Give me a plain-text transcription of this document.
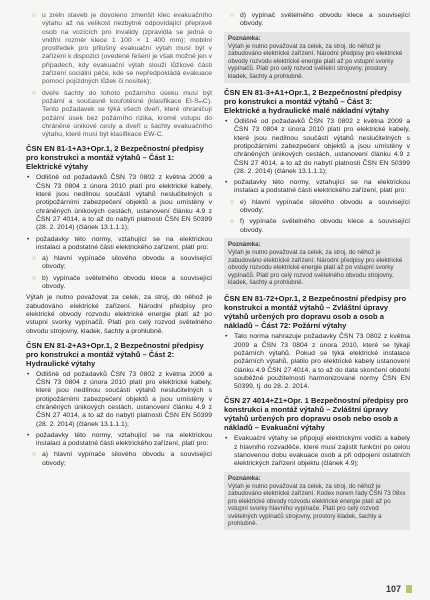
○ u zreln staveb je dovoleno zmenšit klec evakuačního výtahu až na velikost nezbytně odpovídající přepravě osob na vozících pro invalidy (zpravidla se jedná o vnitřní rozměr klece 1 100 × 1 400 mm); mobilní prostředek pro přilušný evakuační výtah musí být v zařízení k dispozici (uvedené řešení je však možné jen v případech, kdy evakuační výtah slouží lůžkové části zařízení sociální péče, kde se nepředpokládá evakuace pomocí pojízdných lůžek či nosítek);
○ dveře šachty do tohoto požárního úseku musí být požární a současně kouřotěsné (klasifikace EI-SₘC). Tento požadavek se týká všech dveří, které ohraničují požární úsek bez požárního rizika, kromě vstupu do chráněné únikové cesty a dveří u šachty evakuačního výtahu, které musí být klasifikace EW-C.
ČSN EN 81-1+A3+Opr.1, 2 Bezpečnostní předpisy pro konstrukci a montáž výtahů – Část 1: Elektrické výtahy
• Odlišně od požadavků ČSN 73 0802 z května 2009 a ČSN 73 0804 z února 2010 platí pro elektrické kabely, které jsou nedílnou součástí výtahů neslučitelných s protipožárními zabezpečení objektů a jsou umístěny v chráněných únikových cestách, ustanovení článku 4.9 z ČSN 27 4014, a to až do nabytí platnosti ČSN EN 50399 (28. 2. 2014) (článek 13.1.1.1);
• požadavky této normy, vztahující se na elektrickou instalaci a podstatné části elektrického zařízení, platí pro:
○ a) hlavní vypínače silového obvodu a související obvody;
○ b) vypínače světelného obvodu klece a související obvody.

Výtah je nutno považovat za celek, za stroj, do něhož je zabudováno elektrické zařízení. Národní předpisy pro elektrické obvody rozvodu elektrické energie platí až po vstupní svorky vypínačů. Platí pro celý rozvod světelného obvodu strojovny, kladek, šachty a prohlubně.

ČSN EN 81-2+A3+Opr.1, 2 Bezpečnostní předpisy pro konstrukci a montáž výtahů – Část 2: Hydraulické výtahy
• Odlišně od požadavků ČSN 73 0802 z května 2009 a ČSN 73 0804 z února 2010 platí pro elektrické kabely, které jsou nedílnou součástí výtahů neslučitelných s protipožárními zabezpečení objektů a jsou umístěny v chráněných únikových cestách, ustanovení článku 4.9 z ČSN 27 4014, a to až do nabytí platnosti ČSN EN 50399 (28. 2. 2014) (článek 13.1.1.1);
• požadavky této normy, vztahující se na elektrickou instalaci a podstatné části elektrického zařízení, platí pro:
○ a) hlavní vypínače silového obvodu a související obvody;
○ d) vypínač světelného obvodu klece a související obvody.
Poznámka:
Výtah je nutno považovat za celek, za stroj, do něhož je zabudováno elektrické zařízení. Národní předpisy pro elektrické obvody rozvodu elektrické energie platí až po vstupní svorky vypínačů. Platí pro celý rozvod světelní strojovny, prostory kladek, šachty a prohlubně.
ČSN EN 81-3+A1+Opr.1, 2 Bezpečnostní předpisy pro konstrukci a montáž výtahů – Část 3: Elektrické a hydraulické malé nákladní výtahy
• Odlišně od požadavků ČSN 73 0802 z května 2009 a ČSN 73 0804 z února 2010 platí pro elektrické kabely, které jsou nedílnou součástí výtahů neslučitelných s protipožárními zabezpečení objektů a jsou umístěny v chráněných únikových cestách, ustanovení článku 4.9 z ČSN 27 4014, a to až do nabytí platnosti ČSN EN 50399 (28. 2. 2014) (článek 13.1.1.1);
• požadavky této normy, vztahující se na elektrickou instalaci a podstatné části elektrického zařízení, platí pro:
○ e) hlavní vypínače silového obvodu a související obvody;
○ f) vypínače světelného obvodu klece a související obvody.
Poznámka:
Výtah je nutno považovat za celek, za stroj, do něhož je zabudováno elektrické zařízení. Národní předpisy pro elektrické obvody rozvodu elektrické energie platí až po vstupní svorky vypínačů. Platí pro celý rozvod světelného obvodu strojovny, kladek, šachty a prohlubně.
ČSN EN 81-72+Opr.1, 2 Bezpečnostní předpisy pro konstrukci a montáž výtahů – Zvláštní úpravy výtahů určených pro dopravu osob a osob a nákladů – Část 72: Požární výtahy
• Tato norma nahrazuje požadavky ČSN 73 0802 z května 2009 a ČSN 73 0804 z února 2010, které se týkají požárních výtahů. Pokud se týká elektrické instalace požárních výtahů, platilo pro elektrické kabely ustanovení článku 4.9 ČSN 27 4014, a to až do data skončení období souběžné použitelnosti harmonizované normy ČSN EN 50399, tj. do 28. 2. 2014.
ČSN 27 4014+Z1+Opr. 1 Bezpečnostní předpisy pro konstrukci a montáž výtahů – Zvláštní úpravy výtahů určených pro dopravu osob nebo osob a nákladů – Evakuační výtahy
• Evakuační výtahy se připojují elektrickými vodiči a kabely z hlavního rozvaděče, které musí zajistit funkční po celou stanovenou dobu evakuace osob a při odpojení ostatních elektrických zařízení objektu (článek 4.9);
Poznámka:
Výtah je nutno považovat za celek, za stroj, do něhož je zabudováno elektrické zařízení. Kodex norem řady ČSN 73 08xx pro elektrické obvody rozvodu elektrické energie platí až po vstupní svorky hlavního vypínače. Platí pro celý rozvod světelných vypínačů strojovny, prostory kladek, šachty a prohlubně.
107
